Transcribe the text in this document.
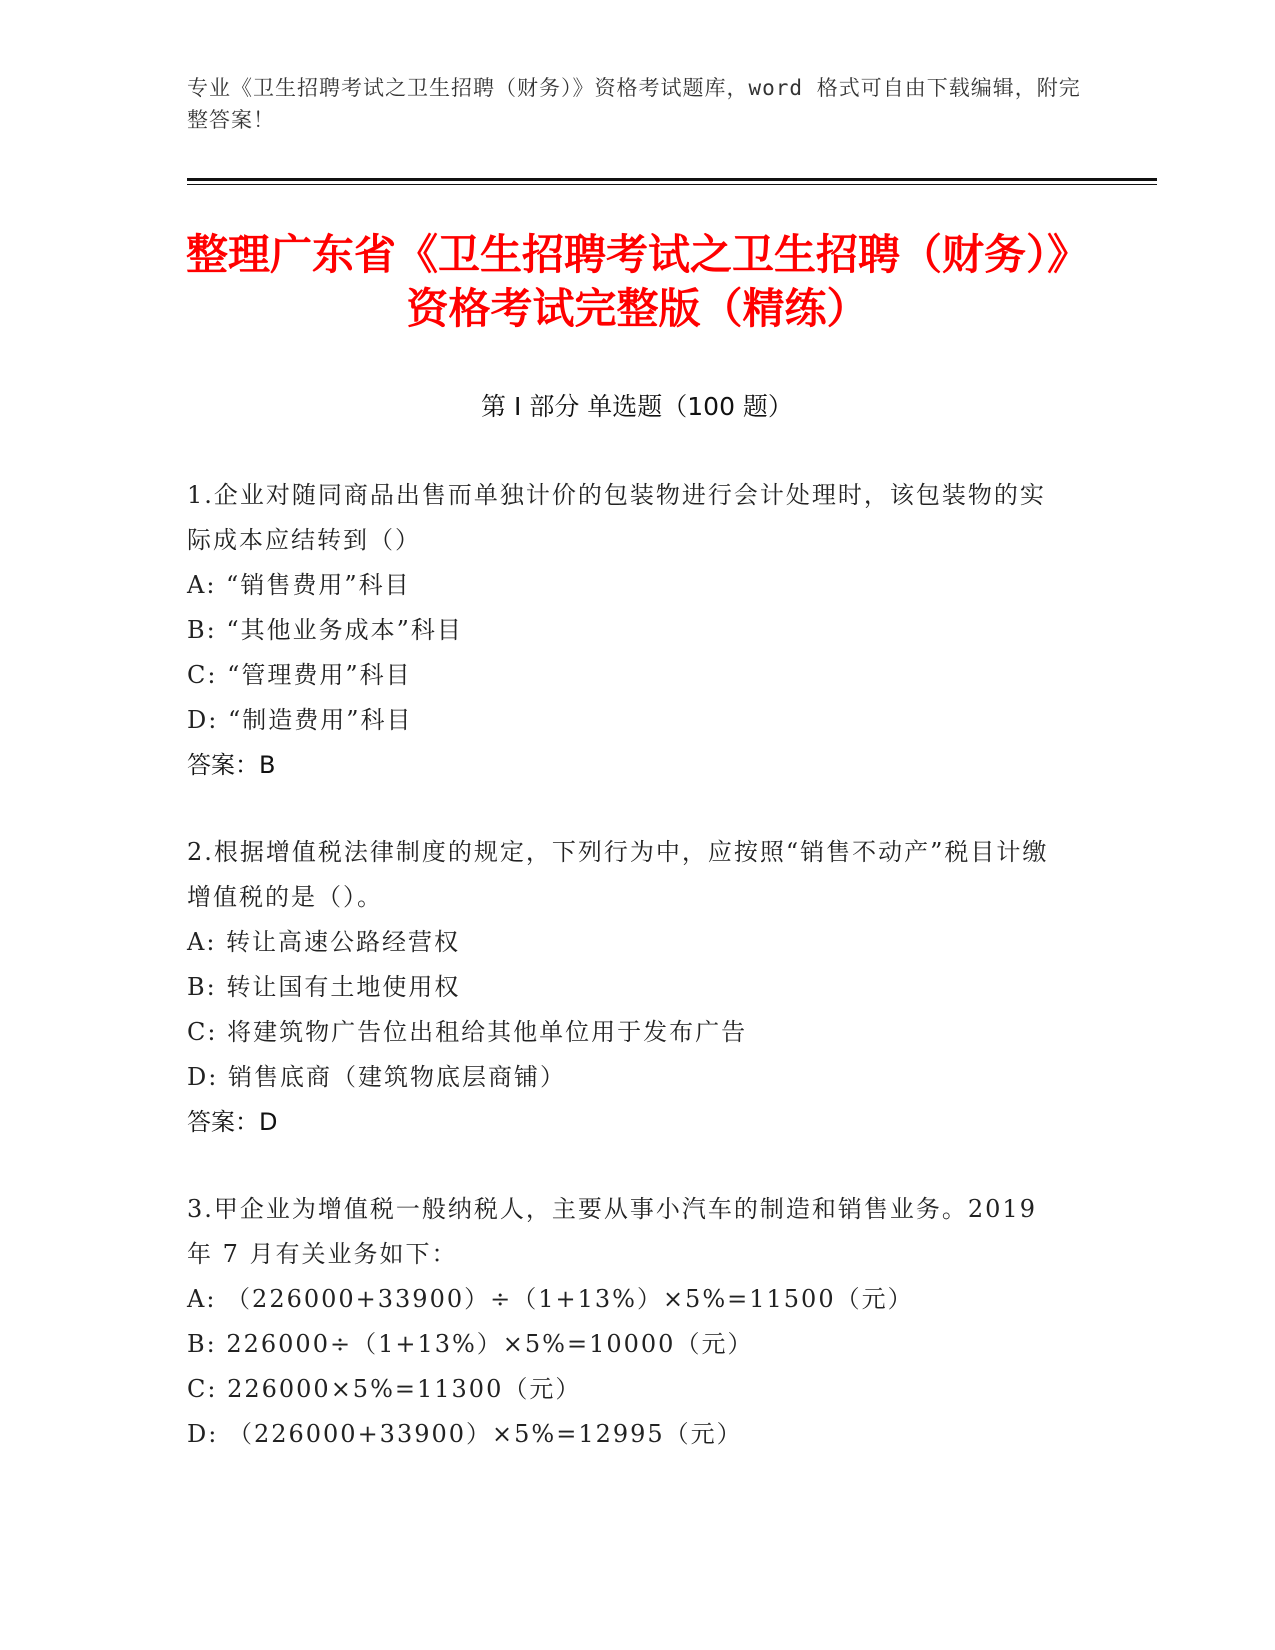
专业《卫生招聘考试之卫生招聘（财务）》资格考试题库，word 格式可自由下载编辑，附完整答案！
整理广东省《卫生招聘考试之卫生招聘（财务）》资格考试完整版（精练）
第 I 部分 单选题（100 题）

1.企业对随同商品出售而单独计价的包装物进行会计处理时，该包装物的实际成本应结转到（）

A: “销售费用”科目

B: “其他业务成本”科目

C: “管理费用”科目

D: “制造费用”科目

答案：B

2.根据增值税法律制度的规定，下列行为中，应按照“销售不动产”税目计缴增值税的是（）。

A: 转让高速公路经营权

B: 转让国有土地使用权

C: 将建筑物广告位出租给其他单位用于发布广告

D: 销售底商（建筑物底层商铺）

答案：D

3.甲企业为增值税一般纳税人，主要从事小汽车的制造和销售业务。2019 年 7 月有关业务如下：

A: （226000+33900）÷（1+13%）×5%=11500（元）

B: 226000÷（1+13%）×5%=10000（元）

C: 226000×5%=11300（元）

D: （226000+33900）×5%=12995（元）
